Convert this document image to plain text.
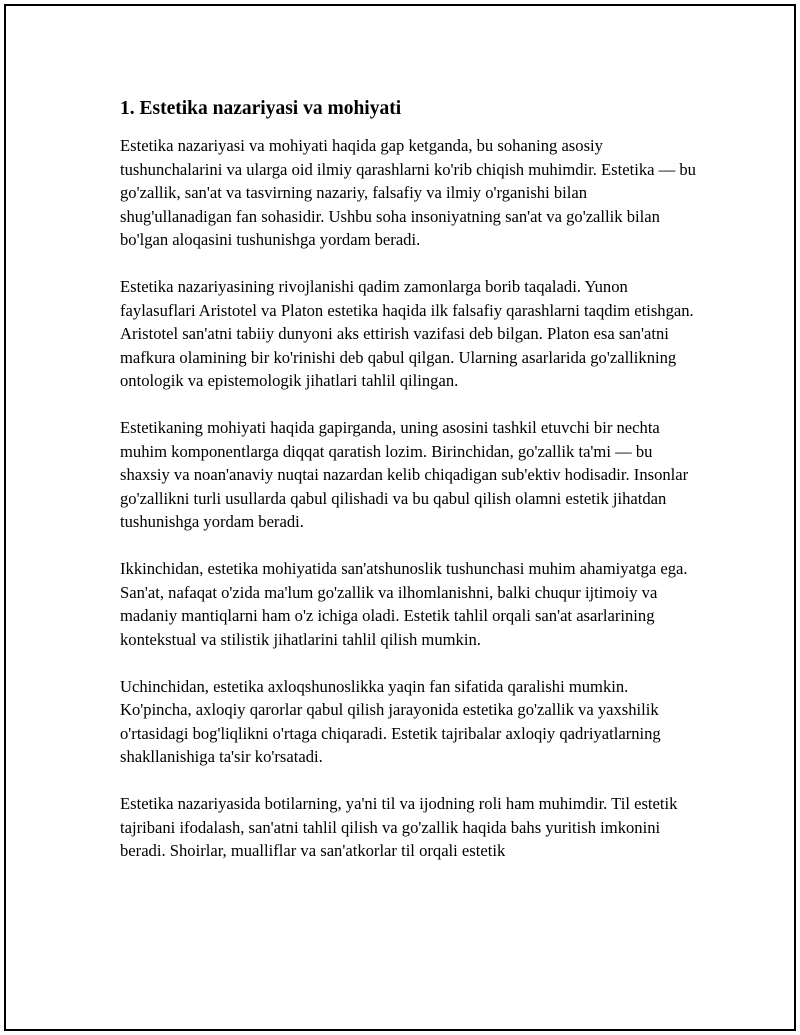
1. Estetika nazariyasi va mohiyati

Estetika nazariyasi va mohiyati haqida gap ketganda, bu sohaning asosiy tushunchalarini va ularga oid ilmiy qarashlarni ko'rib chiqish muhimdir. Estetika — bu go'zallik, san'at va tasvirning nazariy, falsafiy va ilmiy o'rganishi bilan shug'ullanadigan fan sohasidir. Ushbu soha insoniyatning san'at va go'zallik bilan bo'lgan aloqasini tushunishga yordam beradi.

Estetika nazariyasining rivojlanishi qadim zamonlarga borib taqaladi. Yunon faylasuflari Aristotel va Platon estetika haqida ilk falsafiy qarashlarni taqdim etishgan. Aristotel san'atni tabiiy dunyoni aks ettirish vazifasi deb bilgan. Platon esa san'atni mafkura olamining bir ko'rinishi deb qabul qilgan. Ularning asarlarida go'zallikning ontologik va epistemologik jihatlari tahlil qilingan.

Estetikaning mohiyati haqida gapirganda, uning asosini tashkil etuvchi bir nechta muhim komponentlarga diqqat qaratish lozim. Birinchidan, go'zallik ta'mi — bu shaxsiy va noan'anaviy nuqtai nazardan kelib chiqadigan sub'ektiv hodisadir. Insonlar go'zallikni turli usullarda qabul qilishadi va bu qabul qilish olamni estetik jihatdan tushunishga yordam beradi.

Ikkinchidan, estetika mohiyatida san'atshunoslik tushunchasi muhim ahamiyatga ega. San'at, nafaqat o'zida ma'lum go'zallik va ilhomlanishni, balki chuqur ijtimoiy va madaniy mantiqlarni ham o'z ichiga oladi. Estetik tahlil orqali san'at asarlarining kontekstual va stilistik jihatlarini tahlil qilish mumkin.

Uchinchidan, estetika axloqshunoslikka yaqin fan sifatida qaralishi mumkin. Ko'pincha, axloqiy qarorlar qabul qilish jarayonida estetika go'zallik va yaxshilik o'rtasidagi bog'liqlikni o'rtaga chiqaradi. Estetik tajribalar axloqiy qadriyatlarning shakllanishiga ta'sir ko'rsatadi.

Estetika nazariyasida botilarning, ya'ni til va ijodning roli ham muhimdir. Til estetik tajribani ifodalash, san'atni tahlil qilish va go'zallik haqida bahs yuritish imkonini beradi. Shoirlar, mualliflar va san'atkorlar til orqali estetik
